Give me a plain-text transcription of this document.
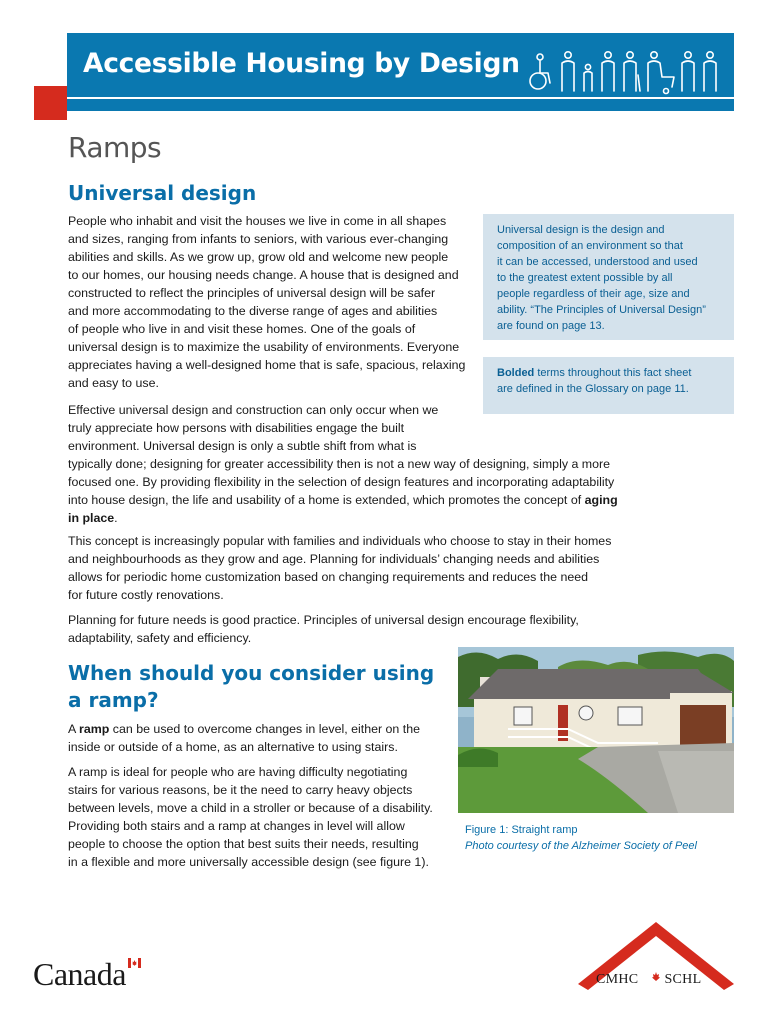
Accessible Housing by Design
Ramps
Universal design

People who inhabit and visit the houses we live in come in all shapes
and sizes, ranging from infants to seniors, with various ever-changing
abilities and skills. As we grow up, grow old and welcome new people
to our homes, our housing needs change. A house that is designed and
constructed to reflect the principles of universal design will be safer
and more accommodating to the diverse range of ages and abilities
of people who live in and visit these homes. One of the goals of
universal design is to maximize the usability of environments. Everyone
appreciates having a well-designed home that is safe, spacious, relaxing
and easy to use.

Effective universal design and construction can only occur when we
truly appreciate how persons with disabilities engage the built
environment. Universal design is only a subtle shift from what is
typically done; designing for greater accessibility then is not a new way of designing, simply a more
focused one. By providing flexibility in the selection of design features and incorporating adaptability
into house design, the life and usability of a home is extended, which promotes the concept of aging
in place.

This concept is increasingly popular with families and individuals who choose to stay in their homes
and neighbourhoods as they grow and age. Planning for individuals’ changing needs and abilities
allows for periodic home customization based on changing requirements and reduces the need
for future costly renovations.

Planning for future needs is good practice. Principles of universal design encourage flexibility,
adaptability, safety and efficiency.

Universal design is the design and
composition of an environment so that
it can be accessed, understood and used
to the greatest extent possible by all
people regardless of their age, size and
ability. “The Principles of Universal Design”
are found on page 13.
Bolded terms throughout this fact sheet
are defined in the Glossary on page 11.
When should you consider using
a ramp?

A ramp can be used to overcome changes in level, either on the
inside or outside of a home, as an alternative to using stairs.

A ramp is ideal for people who are having difficulty negotiating
stairs for various reasons, be it the need to carry heavy objects
between levels, move a child in a stroller or because of a disability.
Providing both stairs and a ramp at changes in level will allow
people to choose the option that best suits their needs, resulting
in a flexible and more universally accessible design (see figure 1).

Figure 1: Straight ramp
Photo courtesy of the Alzheimer Society of Peel
Canada	CMHC SCHL
